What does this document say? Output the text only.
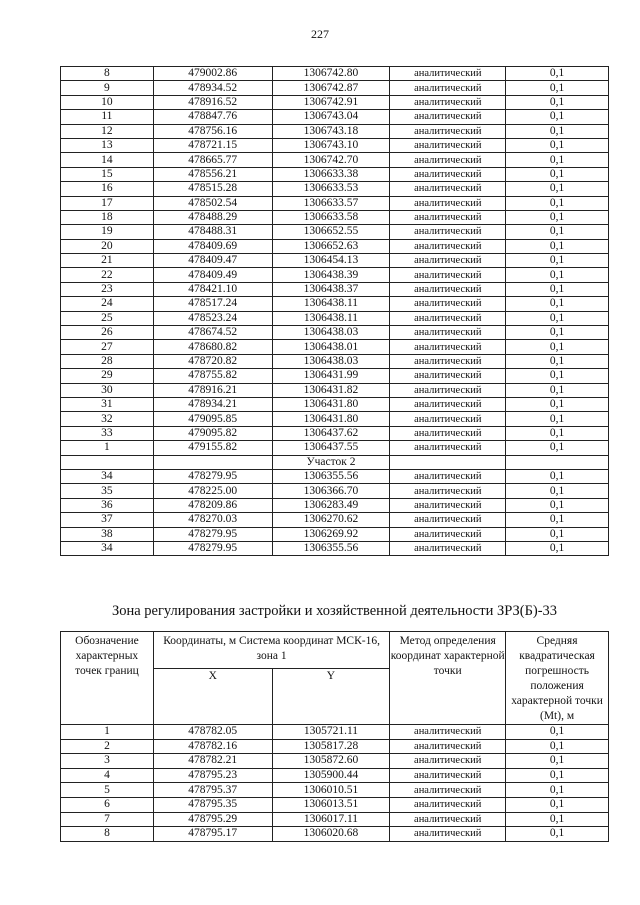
227
8	479002.86	1306742.80	аналитический	0,1
9	478934.52	1306742.87	аналитический	0,1
10	478916.52	1306742.91	аналитический	0,1
11	478847.76	1306743.04	аналитический	0,1
12	478756.16	1306743.18	аналитический	0,1
13	478721.15	1306743.10	аналитический	0,1
14	478665.77	1306742.70	аналитический	0,1
15	478556.21	1306633.38	аналитический	0,1
16	478515.28	1306633.53	аналитический	0,1
17	478502.54	1306633.57	аналитический	0,1
18	478488.29	1306633.58	аналитический	0,1
19	478488.31	1306652.55	аналитический	0,1
20	478409.69	1306652.63	аналитический	0,1
21	478409.47	1306454.13	аналитический	0,1
22	478409.49	1306438.39	аналитический	0,1
23	478421.10	1306438.37	аналитический	0,1
24	478517.24	1306438.11	аналитический	0,1
25	478523.24	1306438.11	аналитический	0,1
26	478674.52	1306438.03	аналитический	0,1
27	478680.82	1306438.01	аналитический	0,1
28	478720.82	1306438.03	аналитический	0,1
29	478755.82	1306431.99	аналитический	0,1
30	478916.21	1306431.82	аналитический	0,1
31	478934.21	1306431.80	аналитический	0,1
32	479095.85	1306431.80	аналитический	0,1
33	479095.82	1306437.62	аналитический	0,1
1	479155.82	1306437.55	аналитический	0,1
		Участок 2		
34	478279.95	1306355.56	аналитический	0,1
35	478225.00	1306366.70	аналитический	0,1
36	478209.86	1306283.49	аналитический	0,1
37	478270.03	1306270.62	аналитический	0,1
38	478279.95	1306269.92	аналитический	0,1
34	478279.95	1306355.56	аналитический	0,1
Зона регулирования застройки и хозяйственной деятельности ЗРЗ(Б)-33
Обозначение характерных точек границ	Координаты, м Система координат МСК-16, зона 1		Метод определения координат характерной точки	Средняя квадратическая погрешность положения характерной точки (Mt), м
	X	Y		
1	478782.05	1305721.11	аналитический	0,1
2	478782.16	1305817.28	аналитический	0,1
3	478782.21	1305872.60	аналитический	0,1
4	478795.23	1305900.44	аналитический	0,1
5	478795.37	1306010.51	аналитический	0,1
6	478795.35	1306013.51	аналитический	0,1
7	478795.29	1306017.11	аналитический	0,1
8	478795.17	1306020.68	аналитический	0,1
